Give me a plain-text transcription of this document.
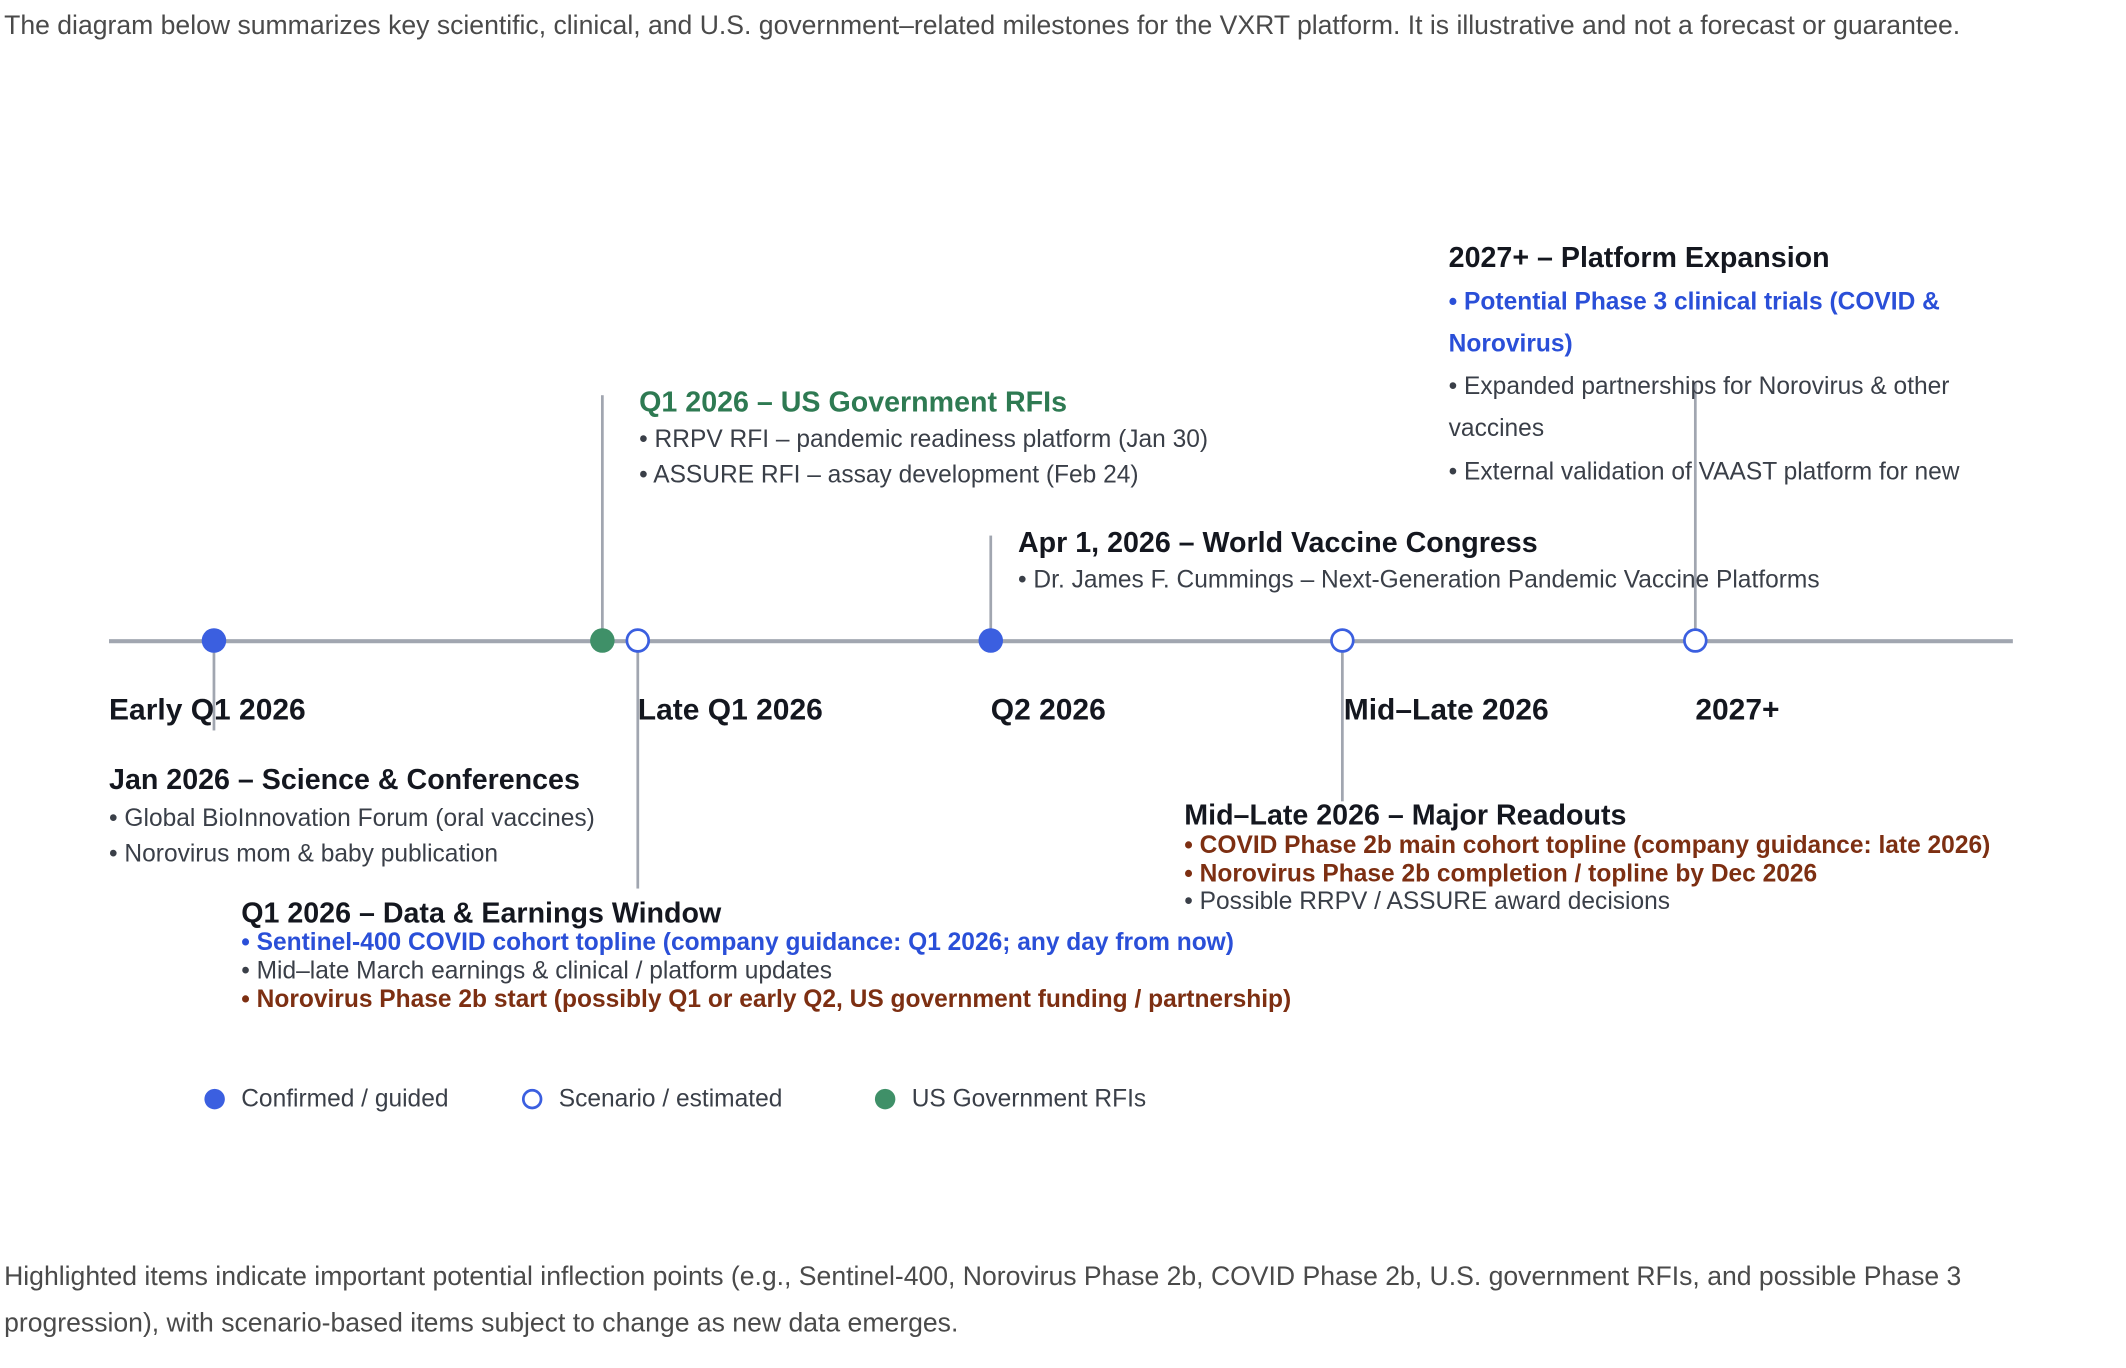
The diagram below summarizes key scientific, clinical, and U.S. government–related milestones for the VXRT platform. It is illustrative and not a forecast or guarantee.
Early Q1 2026	Late Q1 2026	Q2 2026	Mid–Late 2026	2027+
Q1 2026 – US Government RFIs
• RRPV RFI – pandemic readiness platform (Jan 30)
• ASSURE RFI – assay development (Feb 24)
Apr 1, 2026 – World Vaccine Congress
• Dr. James F. Cummings – Next-Generation Pandemic Vaccine Platforms
2027+ – Platform Expansion
• Potential Phase 3 clinical trials (COVID & Norovirus)
• Expanded partnerships for Norovirus & other vaccines
• External validation of VAAST platform for new
Jan 2026 – Science & Conferences
• Global BioInnovation Forum (oral vaccines)
• Norovirus mom & baby publication
Q1 2026 – Data & Earnings Window
• Sentinel-400 COVID cohort topline (company guidance: Q1 2026; any day from now)
• Mid–late March earnings & clinical / platform updates
• Norovirus Phase 2b start (possibly Q1 or early Q2, US government funding / partnership)
Mid–Late 2026 – Major Readouts
• COVID Phase 2b main cohort topline (company guidance: late 2026)
• Norovirus Phase 2b completion / topline by Dec 2026
• Possible RRPV / ASSURE award decisions
Confirmed / guided	Scenario / estimated	US Government RFIs
Highlighted items indicate important potential inflection points (e.g., Sentinel-400, Norovirus Phase 2b, COVID Phase 2b, U.S. government RFIs, and possible Phase 3 progression), with scenario-based items subject to change as new data emerges.
